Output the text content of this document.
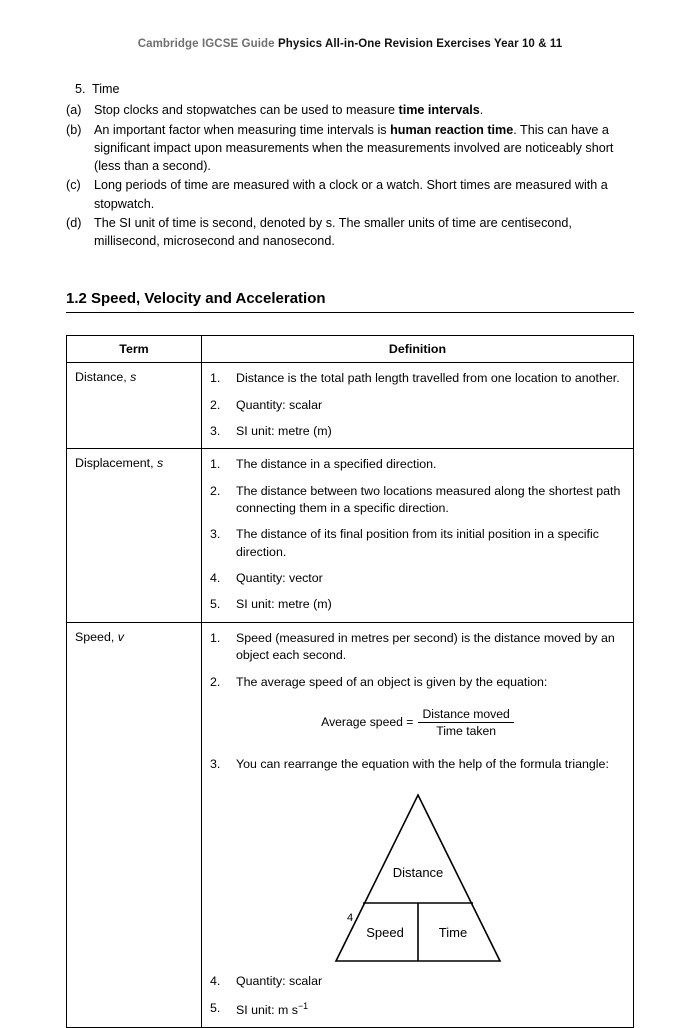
Cambridge IGCSE Guide Physics All-in-One Revision Exercises Year 10 & 11
5. Time
(a) Stop clocks and stopwatches can be used to measure time intervals.
(b) An important factor when measuring time intervals is human reaction time. This can have a significant impact upon measurements when the measurements involved are noticeably short (less than a second).
(c)	Long periods of time are measured with a clock or a watch. Short times are measured with a stopwatch.
(d) The SI unit of time is second, denoted by s. The smaller units of time are centisecond, millisecond, microsecond and nanosecond.
1.2 Speed, Velocity and Acceleration
Term	Definition
Distance, s	1.	Distance is the total path length travelled from one location to another.
2.	Quantity: scalar
3.	SI unit: metre (m)

Displacement, s	1.	The distance in a specified direction.
2.	The distance between two locations measured along the shortest path connecting them in a specific direction.
3.	The distance of its final position from its initial position in a specific direction.
4.	Quantity: vector
5.	SI unit: metre (m)

Speed, v	1.	Speed (measured in metres per second) is the distance moved by an object each second.
2.	The average speed of an object is given by the equation:
Average speed = $\frac{\text{Distance moved}}{\text{Time taken}}$
3.	You can rearrange the equation with the help of the formula triangle:
Distance
Speed	Time
4.	Quantity: scalar
5.	SI unit: m $s^{-1}$
4
